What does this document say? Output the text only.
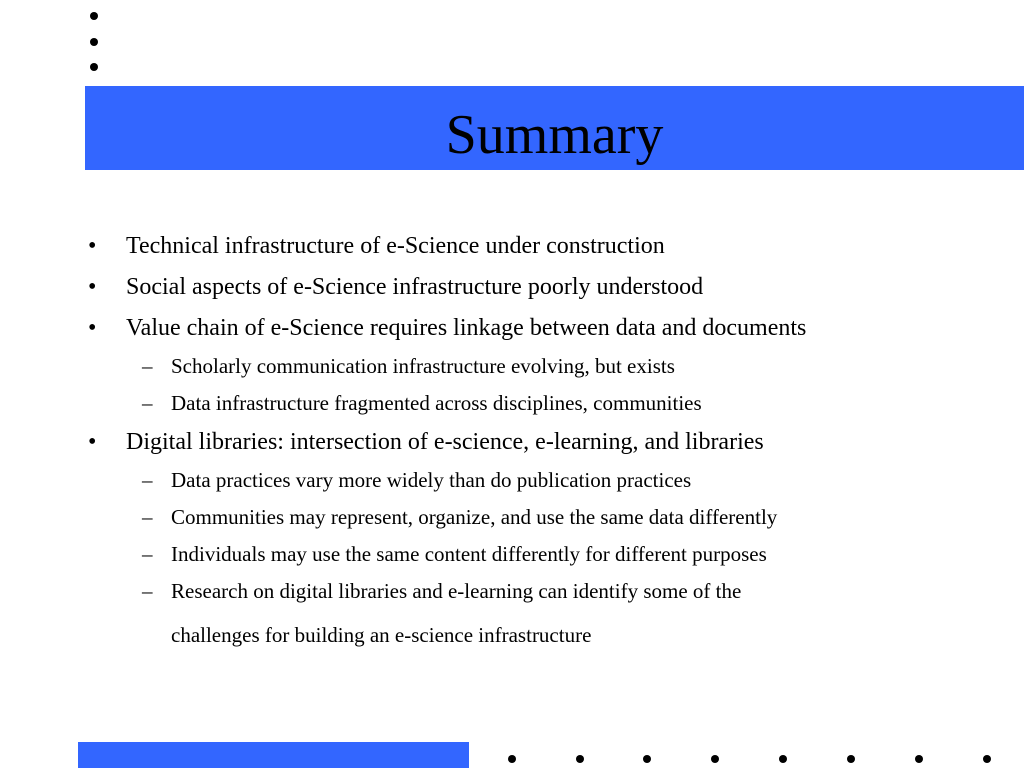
Summary
• Technical infrastructure of e-Science under construction
• Social aspects of e-Science infrastructure poorly understood
• Value chain of e-Science requires linkage between data and documents
– Scholarly communication infrastructure evolving, but exists
– Data infrastructure fragmented across disciplines, communities
• Digital libraries: intersection of e-science, e-learning, and libraries
– Data practices vary more widely than do publication practices
– Communities may represent, organize, and use the same data differently
– Individuals may use the same content differently for different purposes
– Research on digital libraries and e-learning can identify some of the
challenges for building an e-science infrastructure
